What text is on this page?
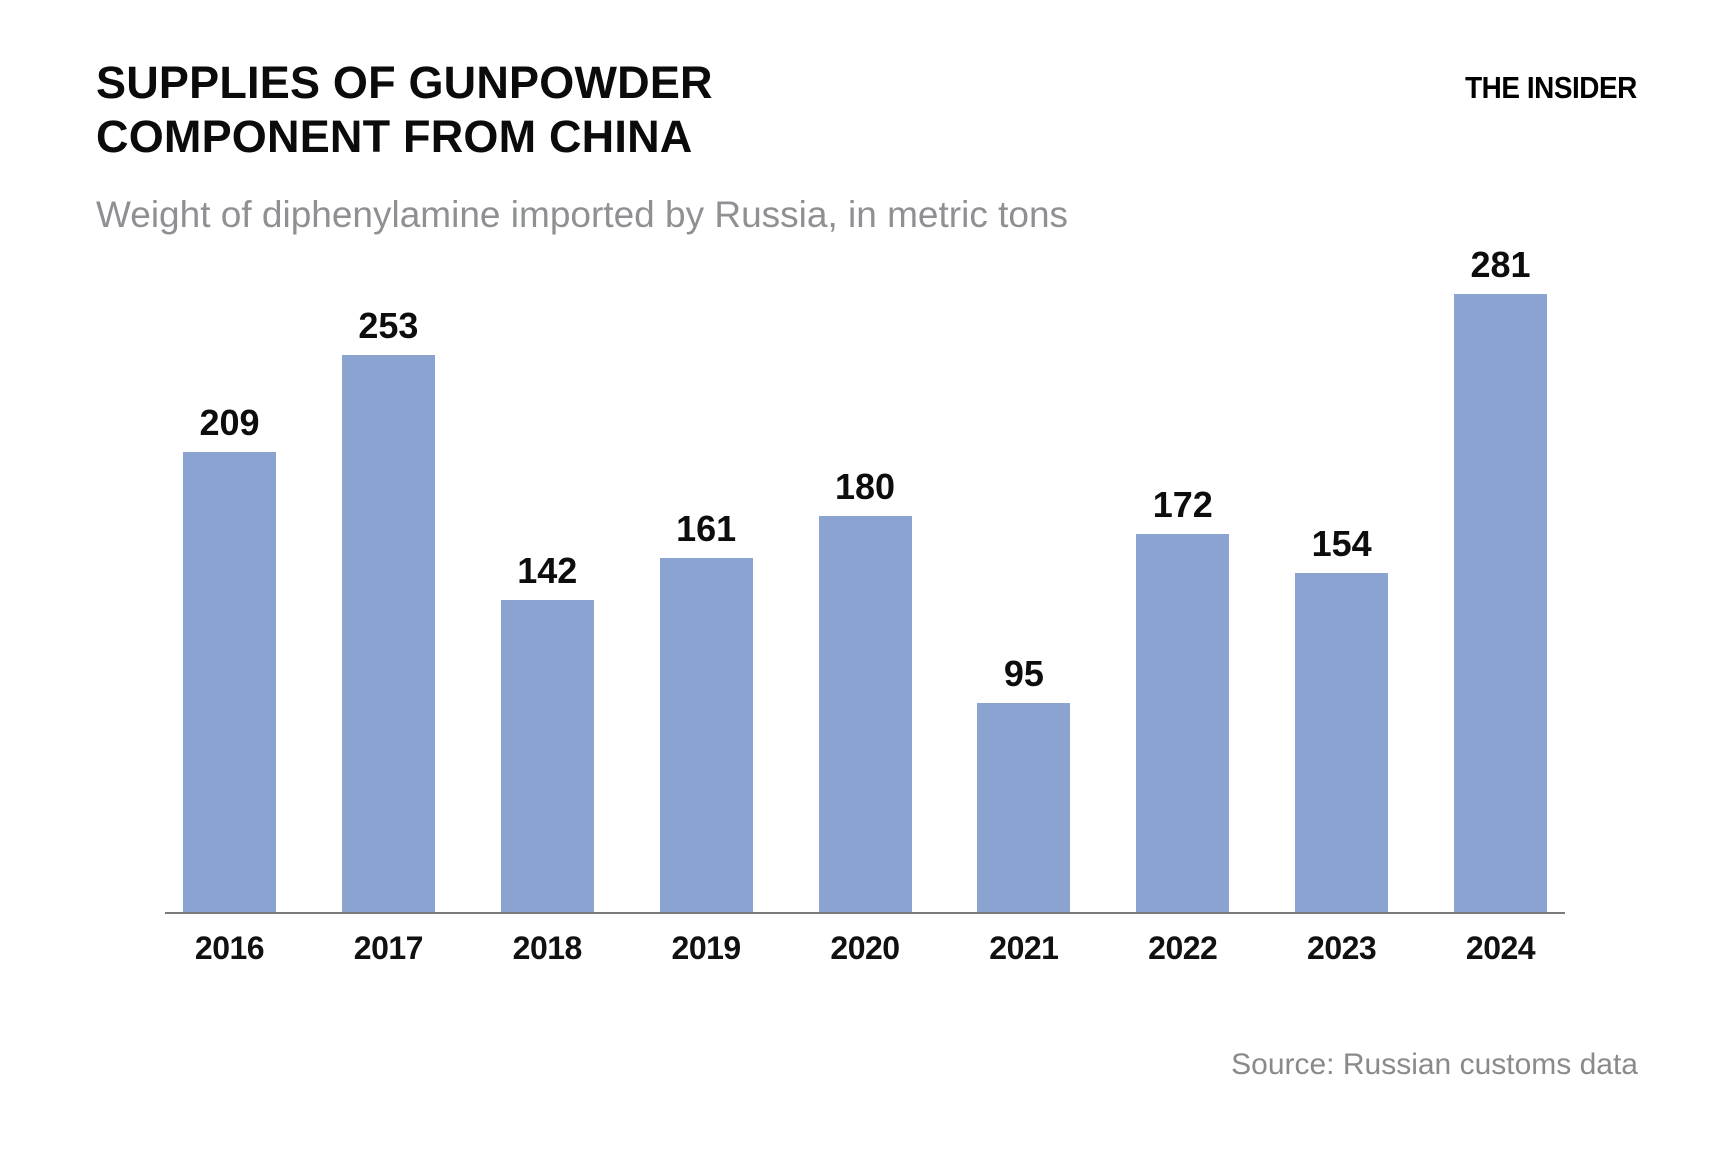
SUPPLIES OF GUNPOWDER
COMPONENT FROM CHINA
Weight of diphenylamine imported by Russia, in metric tons
THE INSIDER
209
253
142
161
180
95
172
154
281
2016	2017	2018	2019	2020	2021	2022	2023	2024
Source: Russian customs data
